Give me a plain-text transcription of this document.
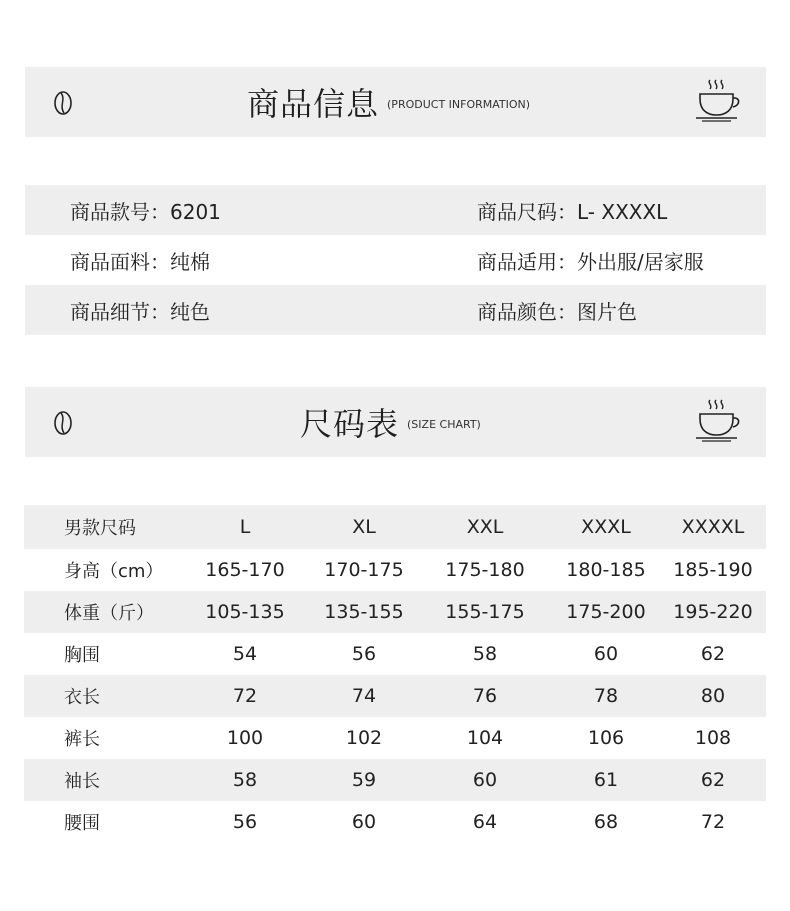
商品信息 (PRODUCT INFORMATION)
商品款号：6201	商品尺码：L- XXXXL
商品面料：纯棉	商品适用：外出服/居家服
商品细节：纯色	商品颜色：图片色
尺码表 (SIZE CHART)
男款尺码	L	XL	XXL	XXXL	XXXXL
身高（cm）	165-170	170-175	175-180	180-185	185-190
体重（斤）	105-135	135-155	155-175	175-200	195-220
胸围	54	56	58	60	62
衣长	72	74	76	78	80
裤长	100	102	104	106	108
袖长	58	59	60	61	62
腰围	56	60	64	68	72
